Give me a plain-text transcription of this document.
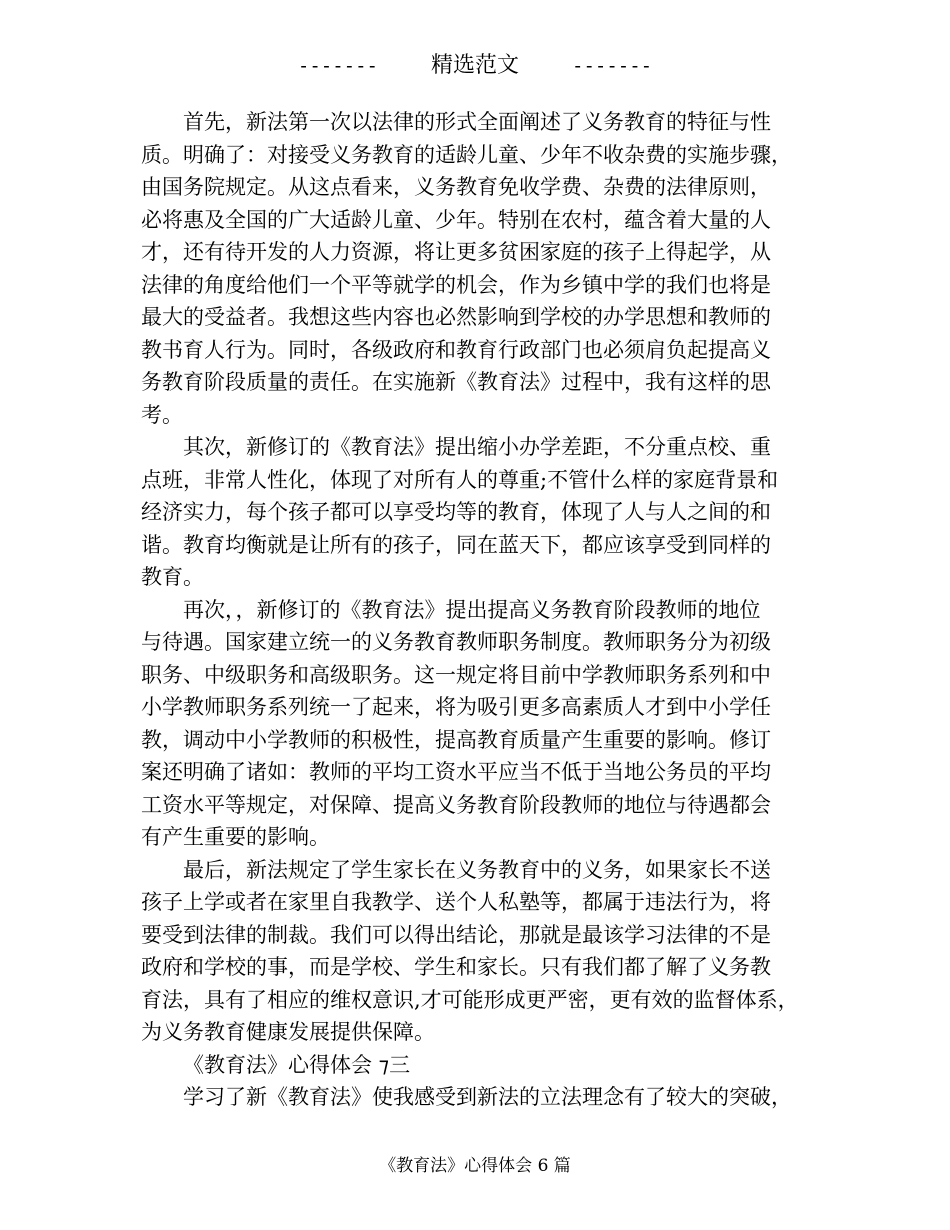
------- 精选范文	-------
首先，新法第一次以法律的形式全面阐述了义务教育的特征与性
质。明确了：对接受义务教育的适龄儿童、少年不收杂费的实施步骤，
由国务院规定。从这点看来，义务教育免收学费、杂费的法律原则，
必将惠及全国的广大适龄儿童、少年。特别在农村，蕴含着大量的人
才，还有待开发的人力资源，将让更多贫困家庭的孩子上得起学，从
法律的角度给他们一个平等就学的机会，作为乡镇中学的我们也将是
最大的受益者。我想这些内容也必然影响到学校的办学思想和教师的
教书育人行为。同时，各级政府和教育行政部门也必须肩负起提高义
务教育阶段质量的责任。在实施新《教育法》过程中，我有这样的思
考。
其次，新修订的《教育法》提出缩小办学差距，不分重点校、重
点班，非常人性化，体现了对所有人的尊重;不管什么样的家庭背景和
经济实力，每个孩子都可以享受均等的教育，体现了人与人之间的和
谐。教育均衡就是让所有的孩子，同在蓝天下，都应该享受到同样的
教育。
再次，，新修订的《教育法》提出提高义务教育阶段教师的地位
与待遇。国家建立统一的义务教育教师职务制度。教师职务分为初级
职务、中级职务和高级职务。这一规定将目前中学教师职务系列和中
小学教师职务系列统一了起来，将为吸引更多高素质人才到中小学任
教，调动中小学教师的积极性，提高教育质量产生重要的影响。修订
案还明确了诸如：教师的平均工资水平应当不低于当地公务员的平均
工资水平等规定，对保障、提高义务教育阶段教师的地位与待遇都会
有产生重要的影响。
最后，新法规定了学生家长在义务教育中的义务，如果家长不送
孩子上学或者在家里自我教学、送个人私塾等，都属于违法行为，将
要受到法律的制裁。我们可以得出结论，那就是最该学习法律的不是
政府和学校的事，而是学校、学生和家长。只有我们都了解了义务教
育法，具有了相应的维权意识,才可能形成更严密，更有效的监督体系，
为义务教育健康发展提供保障。
《教育法》心得体会 ⁊三
学习了新《教育法》使我感受到新法的立法理念有了较大的突破，
《教育法》心得体会 6 篇
